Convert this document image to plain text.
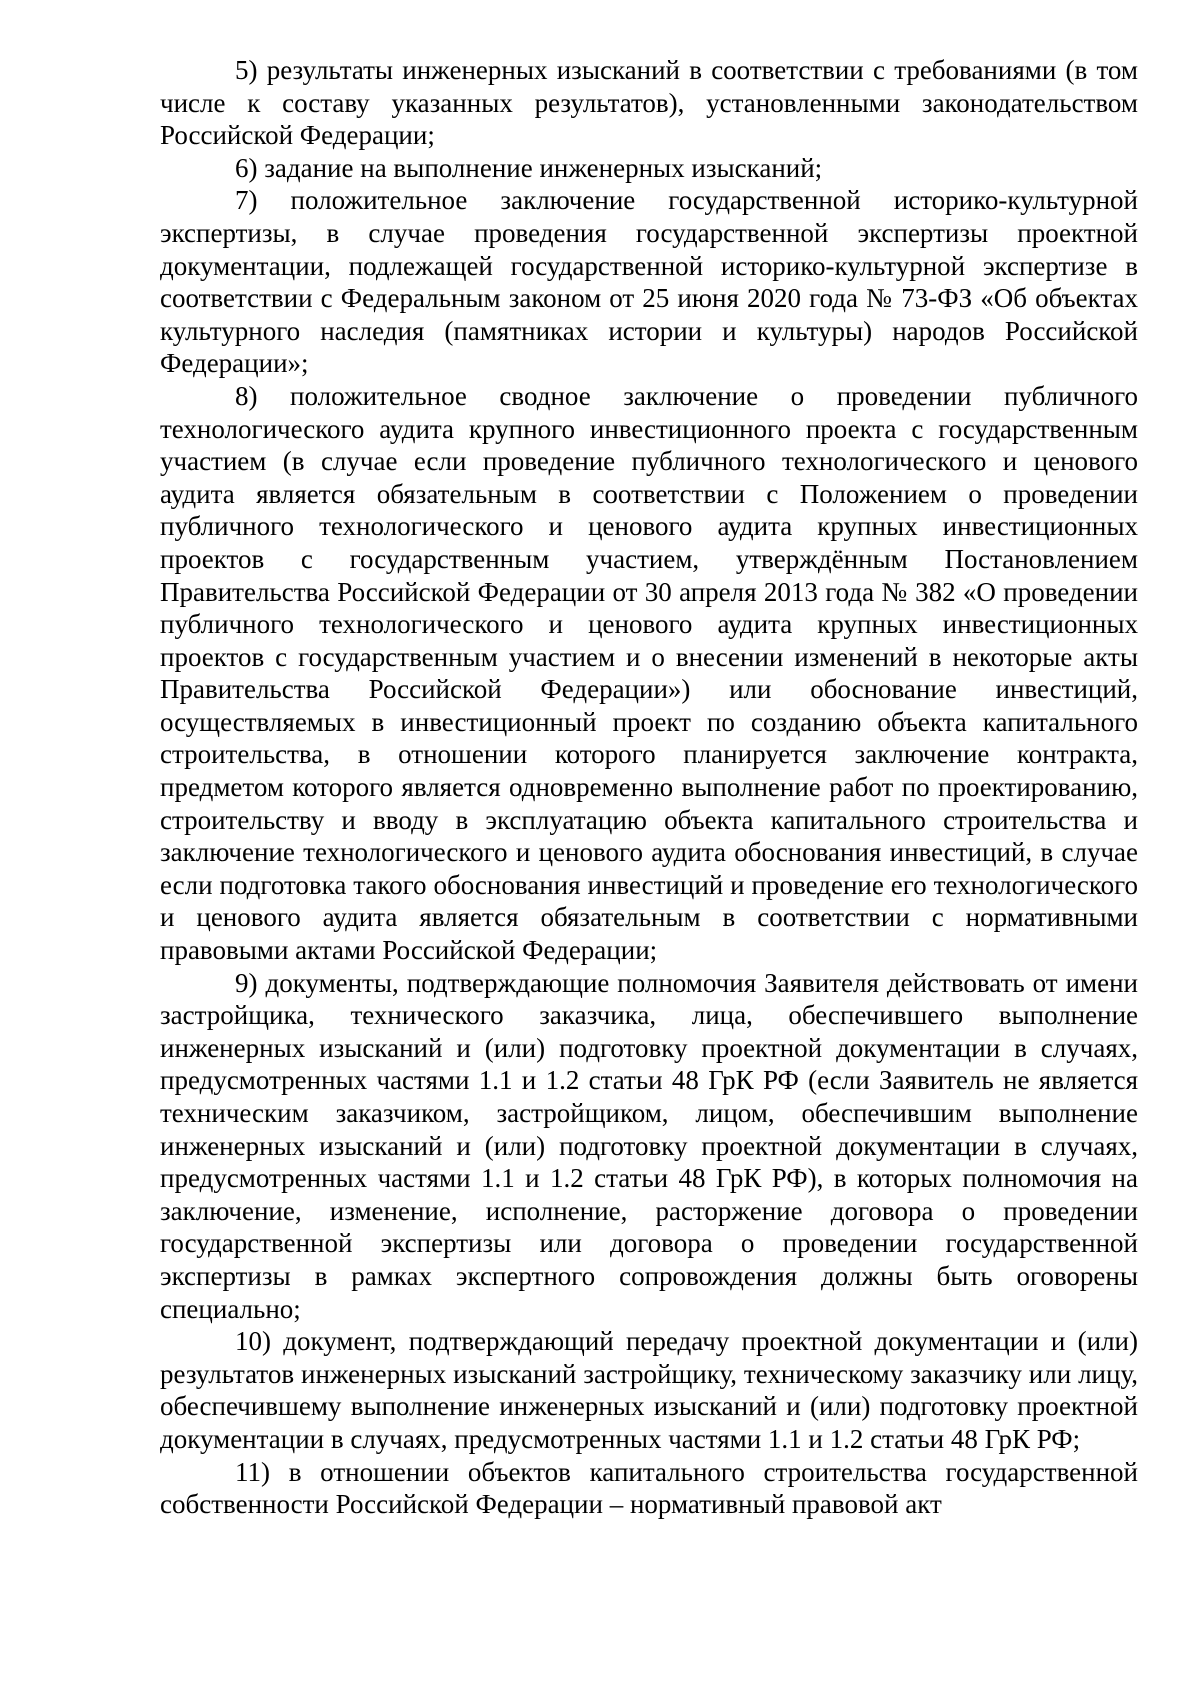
5) результаты инженерных изысканий в соответствии с требованиями (в том числе к составу указанных результатов), установленными законодательством Российской Федерации;

6) задание на выполнение инженерных изысканий;

7) положительное заключение государственной историко-культурной экспертизы, в случае проведения государственной экспертизы проектной документации, подлежащей государственной историко-культурной экспертизе в соответствии с Федеральным законом от 25 июня 2020 года № 73-ФЗ «Об объектах культурного наследия (памятниках истории и культуры) народов Российской Федерации»;

8) положительное сводное заключение о проведении публичного технологического аудита крупного инвестиционного проекта с государственным участием (в случае если проведение публичного технологического и ценового аудита является обязательным в соответствии с Положением о проведении публичного технологического и ценового аудита крупных инвестиционных проектов с государственным участием, утверждённым Постановлением Правительства Российской Федерации от 30 апреля 2013 года № 382 «О проведении публичного технологического и ценового аудита крупных инвестиционных проектов с государственным участием и о внесении изменений в некоторые акты Правительства Российской Федерации») или обоснование инвестиций, осуществляемых в инвестиционный проект по созданию объекта капитального строительства, в отношении которого планируется заключение контракта, предметом которого является одновременно выполнение работ по проектированию, строительству и вводу в эксплуатацию объекта капитального строительства и заключение технологического и ценового аудита обоснования инвестиций, в случае если подготовка такого обоснования инвестиций и проведение его технологического и ценового аудита является обязательным в соответствии с нормативными правовыми актами Российской Федерации;

9) документы, подтверждающие полномочия Заявителя действовать от имени застройщика, технического заказчика, лица, обеспечившего выполнение инженерных изысканий и (или) подготовку проектной документации в случаях, предусмотренных частями 1.1 и 1.2 статьи 48 ГрК РФ (если Заявитель не является техническим заказчиком, застройщиком, лицом, обеспечившим выполнение инженерных изысканий и (или) подготовку проектной документации в случаях, предусмотренных частями 1.1 и 1.2 статьи 48 ГрК РФ), в которых полномочия на заключение, изменение, исполнение, расторжение договора о проведении государственной экспертизы или договора о проведении государственной экспертизы в рамках экспертного сопровождения должны быть оговорены специально;

10) документ, подтверждающий передачу проектной документации и (или) результатов инженерных изысканий застройщику, техническому заказчику или лицу, обеспечившему выполнение инженерных изысканий и (или) подготовку проектной документации в случаях, предусмотренных частями 1.1 и 1.2 статьи 48 ГрК РФ;

11) в отношении объектов капитального строительства государственной собственности Российской Федерации – нормативный правовой акт
